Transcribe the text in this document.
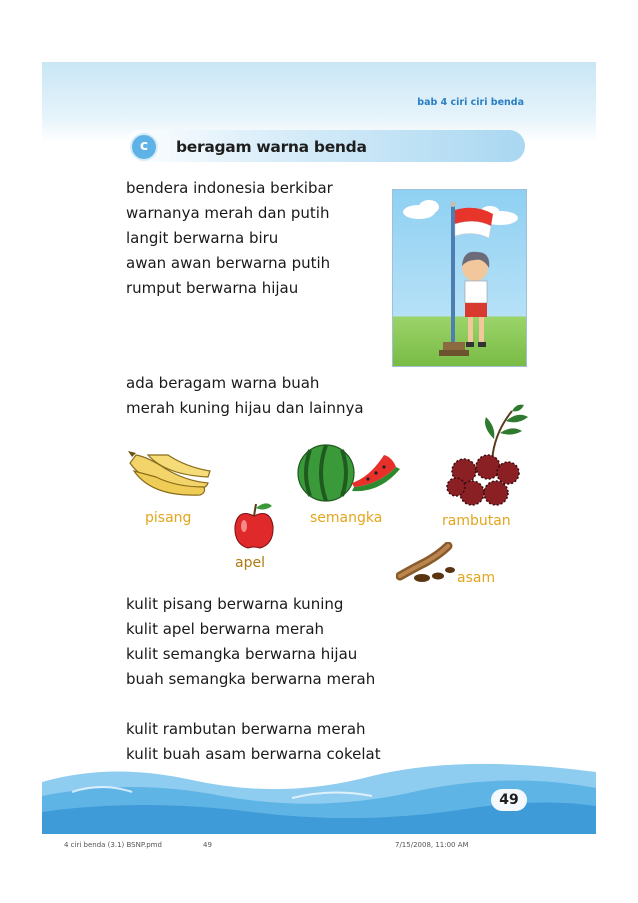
bab 4 ciri ciri benda
c	beragam warna benda
bendera indonesia berkibar
warnanya merah dan putih
langit berwarna biru
awan awan berwarna putih
rumput berwarna hijau
ada beragam warna buah
merah kuning hijau dan lainnya
pisang	semangka	rambutan
apel
asam
kulit pisang berwarna kuning
kulit apel berwarna merah
kulit semangka berwarna hijau
buah semangka berwarna merah
kulit rambutan berwarna merah
kulit buah asam berwarna cokelat
49
4 ciri benda (3.1) BSNP.pmd	49	7/15/2008, 11:00 AM
